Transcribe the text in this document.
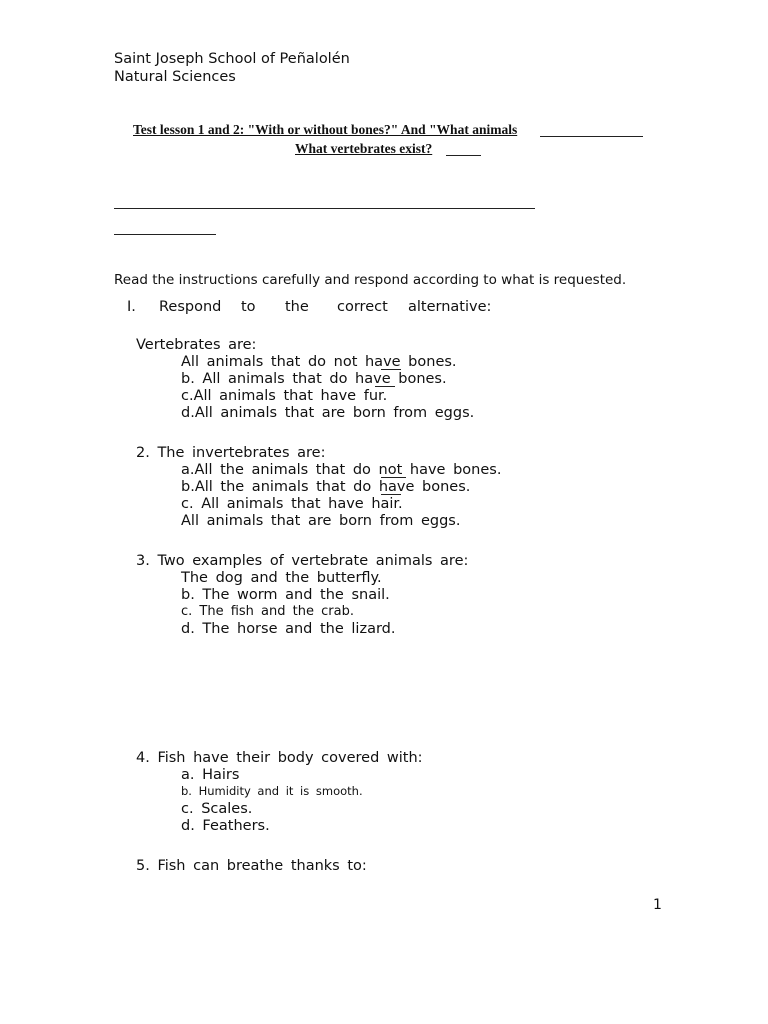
Saint Joseph School of Peñalolén
Natural Sciences
Test lesson 1 and 2: "With or without bones?" And "What animals
What vertebrates exist?
Read the instructions carefully and respond according to what is requested.
I. Respond to the correct alternative:
Vertebrates are:
All animals that do not have bones.
b. All animals that do have bones.
c.All animals that have fur.
d.All animals that are born from eggs.
2. The invertebrates are:
a.All the animals that do not have bones.
b.All the animals that do have bones.
c. All animals that have hair.
All animals that are born from eggs.
3. Two examples of vertebrate animals are:
The dog and the butterfly.
b. The worm and the snail.
c. The fish and the crab.
d. The horse and the lizard.
4. Fish have their body covered with:
a. Hairs
b. Humidity and it is smooth.
c. Scales.
d. Feathers.
5. Fish can breathe thanks to:
1
